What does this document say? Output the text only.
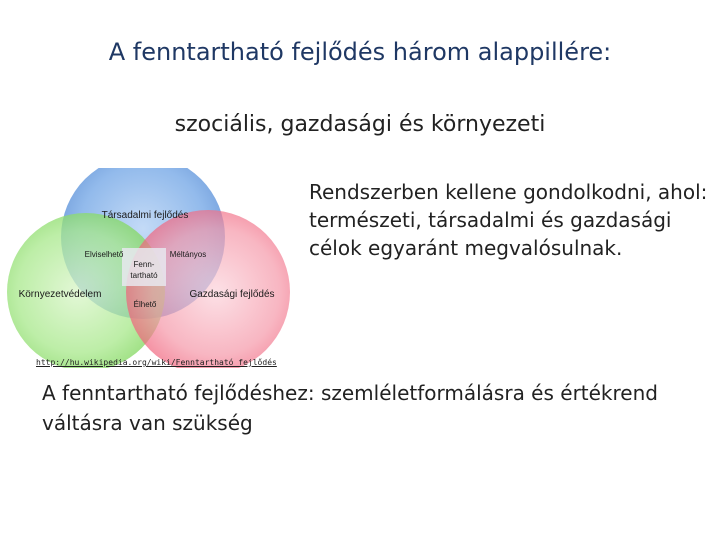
A fenntartható fejlődés három alappillére:
szociális, gazdasági és környezeti
Társadalmi fejlődés
Elviselhető	Méltányos
Fenn-
tartható
Környezetvédelem	Gazdasági fejlődés
Élhető
Rendszerben kellene gondolkodni, ahol: természeti, társadalmi és gazdasági célok egyaránt megvalósulnak.
http://hu.wikipedia.org/wiki/Fenntartható_fejlődés
A fenntartható fejlődéshez: szemléletformálásra és értékrend váltásra van szükség
